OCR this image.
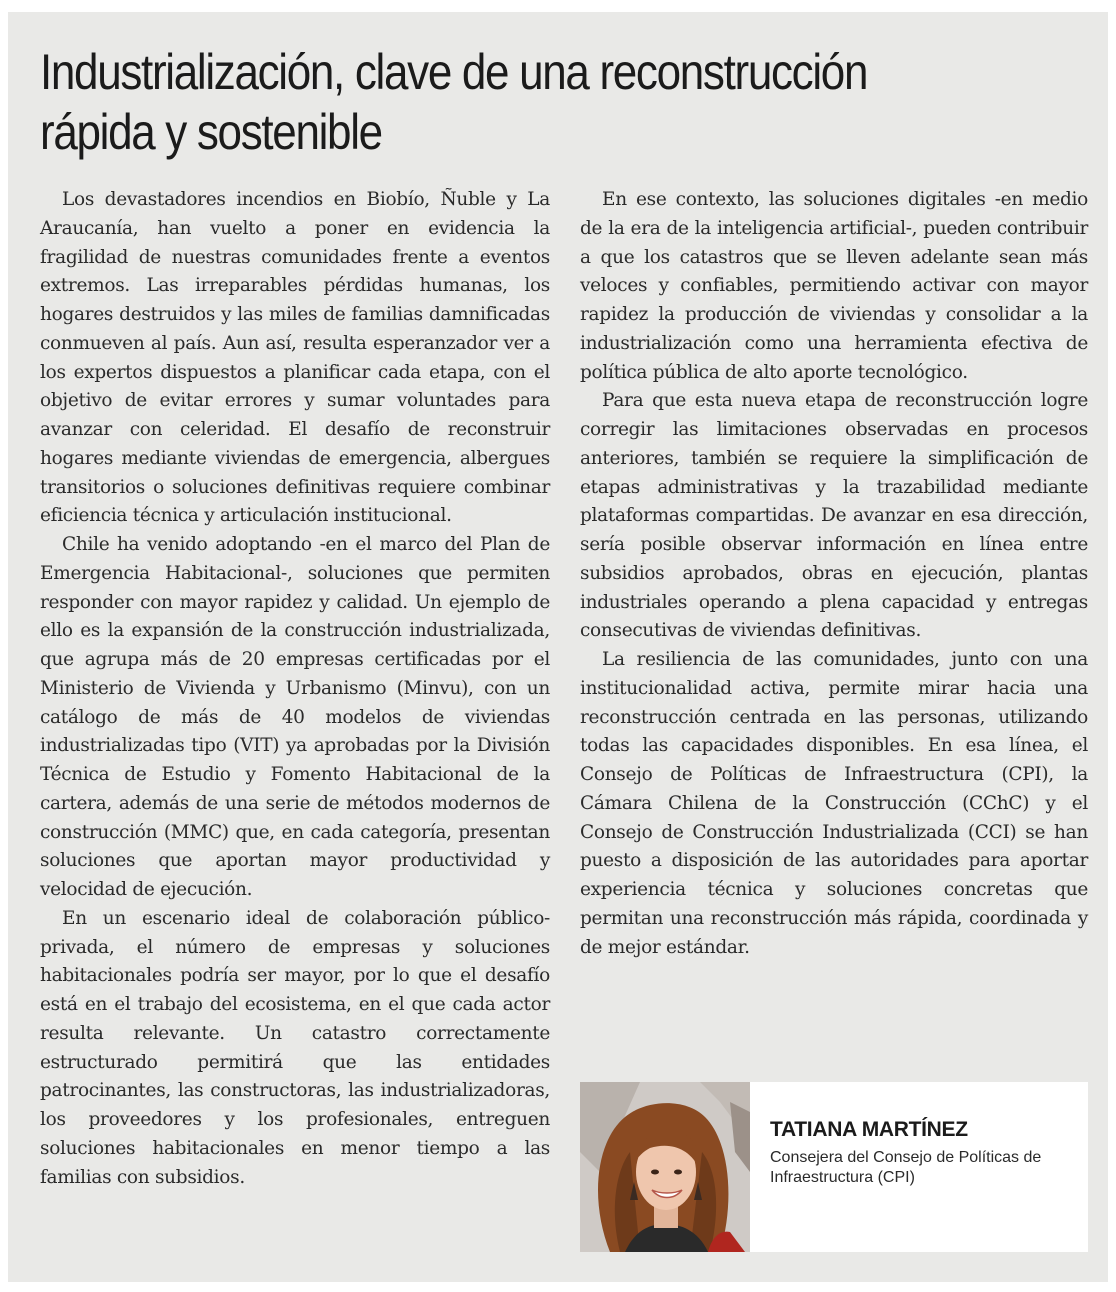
Industrialización, clave de una reconstrucción rápida y sostenible

Los devastadores incendios en Biobío, Ñuble y La Araucanía, han vuelto a poner en evidencia la fragilidad de nuestras comunidades frente a eventos extremos. Las irreparables pérdidas humanas, los hogares destruidos y las miles de familias damnificadas conmueven al país. Aun así, resulta esperanzador ver a los expertos dispuestos a planificar cada etapa, con el objetivo de evitar errores y sumar voluntades para avanzar con celeridad. El desafío de reconstruir hogares mediante viviendas de emergencia, albergues transitorios o soluciones definitivas requiere combinar eficiencia técnica y articulación institucional.

Chile ha venido adoptando -en el marco del Plan de Emergencia Habitacional-, soluciones que permiten responder con mayor rapidez y calidad. Un ejemplo de ello es la expansión de la construcción industrializada, que agrupa más de 20 empresas certificadas por el Ministerio de Vivienda y Urbanismo (Minvu), con un catálogo de más de 40 modelos de viviendas industrializadas tipo (VIT) ya aprobadas por la División Técnica de Estudio y Fomento Habitacional de la cartera, además de una serie de métodos modernos de construcción (MMC) que, en cada categoría, presentan soluciones que aportan mayor productividad y velocidad de ejecución.

En un escenario ideal de colaboración público-privada, el número de empresas y soluciones habitacionales podría ser mayor, por lo que el desafío está en el trabajo del ecosistema, en el que cada actor resulta relevante. Un catastro correctamente estructurado permitirá que las entidades patrocinantes, las constructoras, las industrializadoras, los proveedores y los profesionales, entreguen soluciones habitacionales en menor tiempo a las familias con subsidios.

En ese contexto, las soluciones digitales -en medio de la era de la inteligencia artificial-, pueden contribuir a que los catastros que se lleven adelante sean más veloces y confiables, permitiendo activar con mayor rapidez la producción de viviendas y consolidar a la industrialización como una herramienta efectiva de política pública de alto aporte tecnológico.

Para que esta nueva etapa de reconstrucción logre corregir las limitaciones observadas en procesos anteriores, también se requiere la simplificación de etapas administrativas y la trazabilidad mediante plataformas compartidas. De avanzar en esa dirección, sería posible observar información en línea entre subsidios aprobados, obras en ejecución, plantas industriales operando a plena capacidad y entregas consecutivas de viviendas definitivas.

La resiliencia de las comunidades, junto con una institucionalidad activa, permite mirar hacia una reconstrucción centrada en las personas, utilizando todas las capacidades disponibles. En esa línea, el Consejo de Políticas de Infraestructura (CPI), la Cámara Chilena de la Construcción (CChC) y el Consejo de Construcción Industrializada (CCI) se han puesto a disposición de las autoridades para aportar experiencia técnica y soluciones concretas que permitan una reconstrucción más rápida, coordinada y de mejor estándar.

TATIANA MARTÍNEZ
Consejera del Consejo de Políticas de Infraestructura (CPI)
